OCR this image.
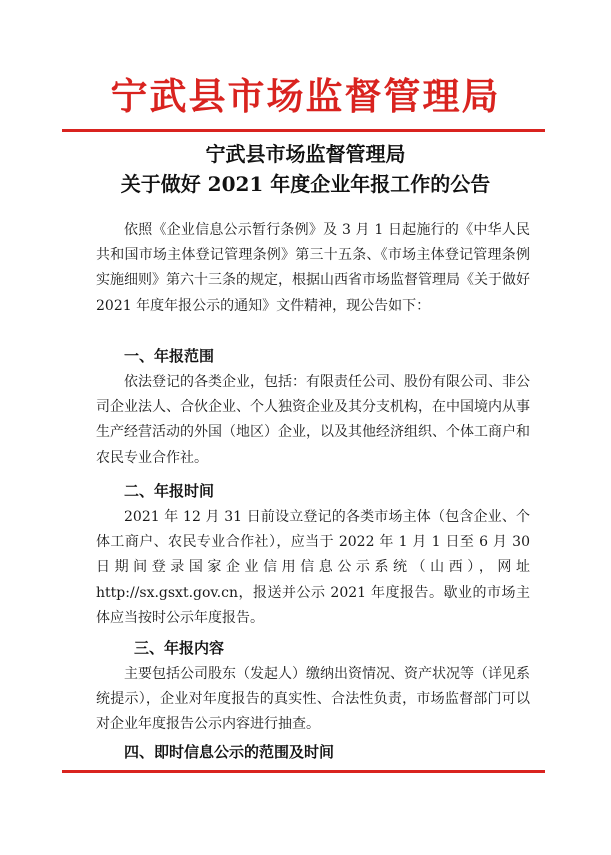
宁武县市场监督管理局
宁武县市场监督管理局
关于做好 2021 年度企业年报工作的公告
依照《企业信息公示暂行条例》及 3 月 1 日起施行的《中华人民共和国市场主体登记管理条例》第三十五条、《市场主体登记管理条例实施细则》第六十三条的规定，根据山西省市场监督管理局《关于做好 2021 年度年报公示的通知》文件精神，现公告如下：
一、年报范围
依法登记的各类企业，包括：有限责任公司、股份有限公司、非公司企业法人、合伙企业、个人独资企业及其分支机构，在中国境内从事生产经营活动的外国（地区）企业，以及其他经济组织、个体工商户和农民专业合作社。
二、年报时间
2021 年 12 月 31 日前设立登记的各类市场主体（包含企业、个体工商户、农民专业合作社），应当于 2022 年 1 月 1 日至 6 月 30 日期间登录国家企业信用信息公示系统（山西），网址 http://sx.gsxt.gov.cn，报送并公示 2021 年度报告。歇业的市场主体应当按时公示年度报告。
三、年报内容
主要包括公司股东（发起人）缴纳出资情况、资产状况等（详见系统提示），企业对年度报告的真实性、合法性负责，市场监督部门可以对企业年度报告公示内容进行抽查。
四、即时信息公示的范围及时间
